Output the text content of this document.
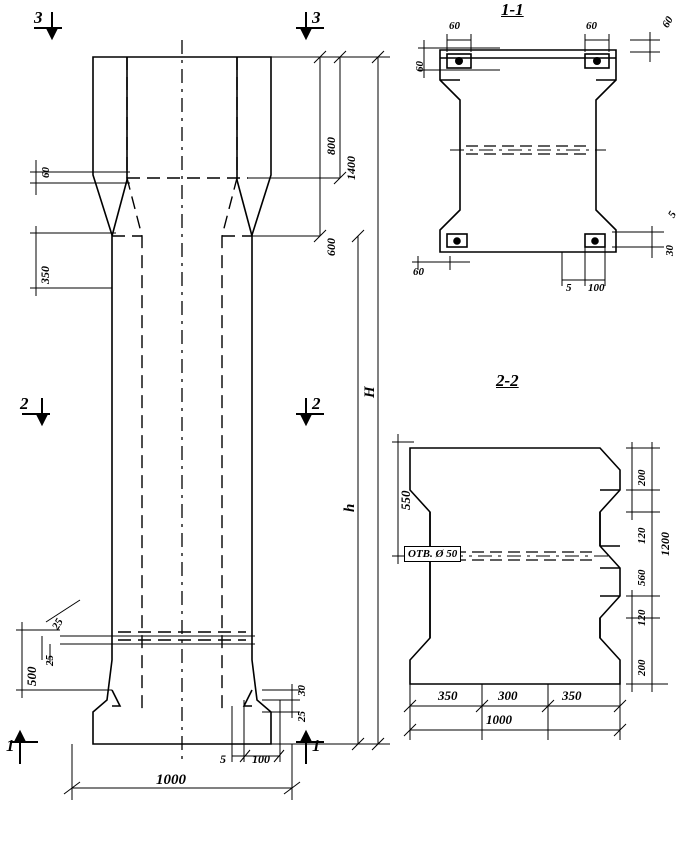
3	3
2	2
1	1
1-1
2-2
60
350
500
25
25
800
1400
600
H
h
1000
5 100
30
25
60
60	60	60
60
5 100
5
30
550
200
120
560
120
200
1200
350	300	350
1000
ОТВ. Ø 50
